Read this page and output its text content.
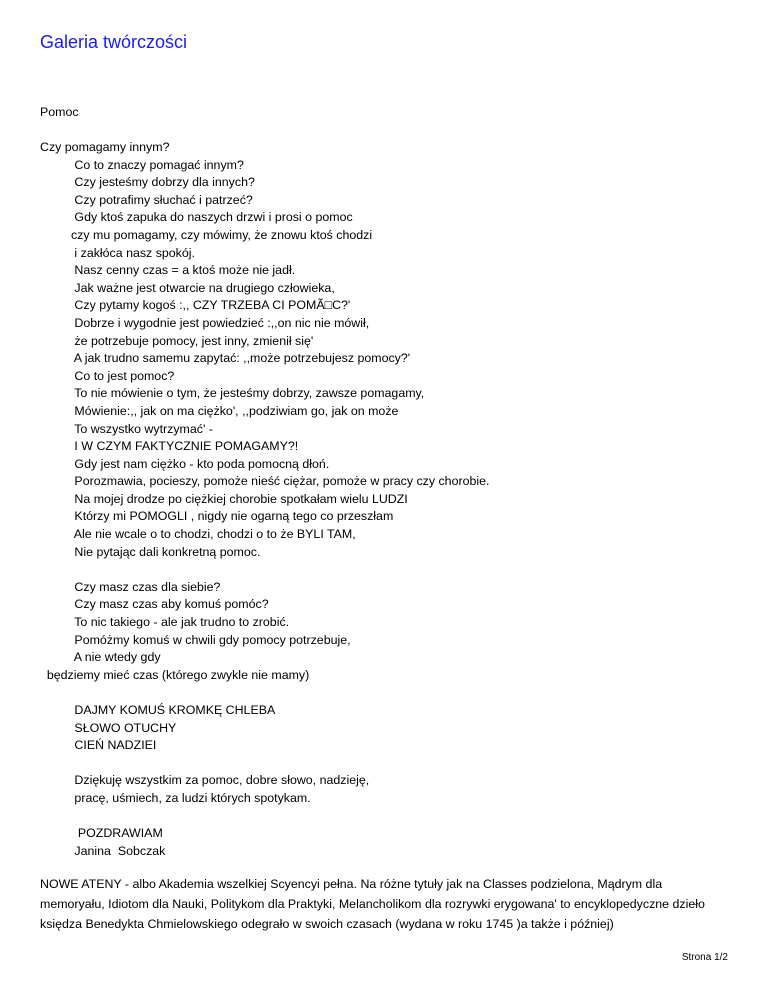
Galeria twórczości
Pomoc
Czy pomagamy innym?
Co to znaczy pomagać innym?
Czy jesteśmy dobrzy dla innych?
Czy potrafimy słuchać i patrzeć?
Gdy ktoś zapuka do naszych drzwi i prosi o pomoc
czy mu pomagamy, czy mówimy, że znowu ktoś chodzi
i zakłóca nasz spokój.
Nasz cenny czas = a ktoś może nie jadł.
Jak ważne jest otwarcie na drugiego człowieka,
Czy pytamy kogoś :,, CZY TRZEBA CI POMÃ□C?'
Dobrze i wygodnie jest powiedzieć :,,on nic nie mówił,
że potrzebuje pomocy, jest inny, zmienił się'
A jak trudno samemu zapytać: ,,może potrzebujesz pomocy?'
Co to jest pomoc?
To nie mówienie o tym, że jesteśmy dobrzy, zawsze pomagamy,
Mówienie:,, jak on ma ciężko', ,,podziwiam go, jak on może
To wszystko wytrzymać' -
I W CZYM FAKTYCZNIE POMAGAMY?!
Gdy jest nam ciężko - kto poda pomocną dłoń.
Porozmawia, pocieszy, pomoże nieść ciężar, pomoże w pracy czy chorobie.
Na mojej drodze po ciężkiej chorobie spotkałam wielu LUDZI
Którzy mi POMOGLI , nigdy nie ogarną tego co przeszłam
Ale nie wcale o to chodzi, chodzi o to że BYLI TAM,
Nie pytając dali konkretną pomoc.
Czy masz czas dla siebie?
Czy masz czas aby komuś pomóc?
To nic takiego - ale jak trudno to zrobić.
Pomóżmy komuś w chwili gdy pomocy potrzebuje,
A nie wtedy gdy
będziemy mieć czas (którego zwykle nie mamy)
DAJMY KOMUŚ KROMKĘ CHLEBA
SŁOWO OTUCHY
CIEŃ NADZIEI
Dziękuję wszystkim za pomoc, dobre słowo, nadzieję,
pracę, uśmiech, za ludzi których spotykam.
POZDRAWIAM
Janina  Sobczak
NOWE ATENY - albo Akademia wszelkiej Scyencyi pełna. Na różne tytuły jak na Classes podzielona, Mądrym dla memoryału, Idiotom dla Nauki, Politykom dla Praktyki, Melancholikom dla rozrywki erygowana' to encyklopedyczne dzieło księdza Benedykta Chmielowskiego odegrało w swoich czasach (wydana w roku 1745 )a także i później)
Strona 1/2
